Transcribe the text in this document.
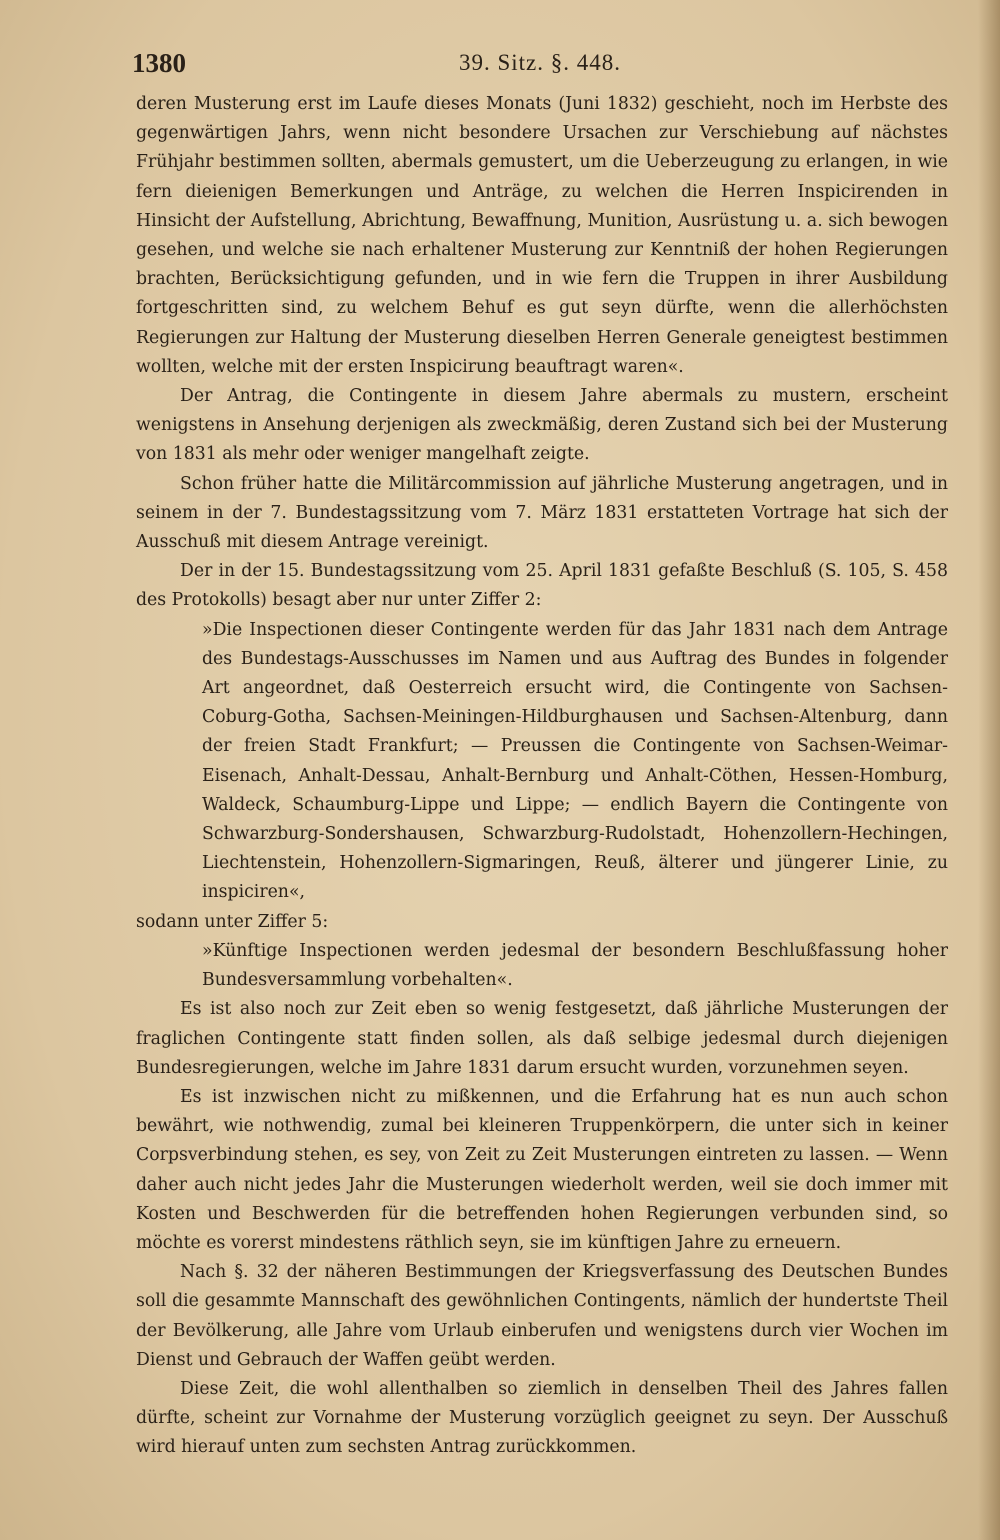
1380	39. Sitz. §. 448.

deren Musterung erst im Laufe dieses Monats (Juni 1832) geschieht, noch im Herbste des gegenwärtigen Jahrs, wenn nicht besondere Ursachen zur Verschiebung auf nächstes Frühjahr bestimmen sollten, abermals gemustert, um die Ueberzeugung zu erlangen, in wie fern dieienigen Bemerkungen und Anträge, zu welchen die Herren Inspicirenden in Hinsicht der Aufstellung, Abrichtung, Bewaffnung, Munition, Ausrüstung u. a. sich bewogen gesehen, und welche sie nach erhaltener Musterung zur Kenntniß der hohen Regierungen brachten, Berücksichtigung gefunden, und in wie fern die Truppen in ihrer Ausbildung fortgeschritten sind, zu welchem Behuf es gut seyn dürfte, wenn die allerhöchsten Regierungen zur Haltung der Musterung dieselben Herren Generale geneigtest bestimmen wollten, welche mit der ersten Inspicirung beauftragt waren«.

Der Antrag, die Contingente in diesem Jahre abermals zu mustern, erscheint wenigstens in Ansehung derjenigen als zweckmäßig, deren Zustand sich bei der Musterung von 1831 als mehr oder weniger mangelhaft zeigte.

Schon früher hatte die Militärcommission auf jährliche Musterung angetragen, und in seinem in der 7. Bundestagssitzung vom 7. März 1831 erstatteten Vortrage hat sich der Ausschuß mit diesem Antrage vereinigt.

Der in der 15. Bundestagssitzung vom 25. April 1831 gefaßte Beschluß (S. 105, S. 458 des Protokolls) besagt aber nur unter Ziffer 2:

»Die Inspectionen dieser Contingente werden für das Jahr 1831 nach dem Antrage des Bundestags-Ausschusses im Namen und aus Auftrag des Bundes in folgender Art angeordnet, daß Oesterreich ersucht wird, die Contingente von Sachsen-Coburg-Gotha, Sachsen-Meiningen-Hildburghausen und Sachsen-Altenburg, dann der freien Stadt Frankfurt; — Preussen die Contingente von Sachsen-Weimar-Eisenach, Anhalt-Dessau, Anhalt-Bernburg und Anhalt-Cöthen, Hessen-Homburg, Waldeck, Schaumburg-Lippe und Lippe; — endlich Bayern die Contingente von Schwarzburg-Sondershausen, Schwarzburg-Rudolstadt, Hohenzollern-Hechingen, Liechtenstein, Hohenzollern-Sigmaringen, Reuß, älterer und jüngerer Linie, zu inspiciren«,

sodann unter Ziffer 5:

»Künftige Inspectionen werden jedesmal der besondern Beschlußfassung hoher Bundesversammlung vorbehalten«.

Es ist also noch zur Zeit eben so wenig festgesetzt, daß jährliche Musterungen der fraglichen Contingente statt finden sollen, als daß selbige jedesmal durch diejenigen Bundesregierungen, welche im Jahre 1831 darum ersucht wurden, vorzunehmen seyen.

Es ist inzwischen nicht zu mißkennen, und die Erfahrung hat es nun auch schon bewährt, wie nothwendig, zumal bei kleineren Truppenkörpern, die unter sich in keiner Corpsverbindung stehen, es sey, von Zeit zu Zeit Musterungen eintreten zu lassen. — Wenn daher auch nicht jedes Jahr die Musterungen wiederholt werden, weil sie doch immer mit Kosten und Beschwerden für die betreffenden hohen Regierungen verbunden sind, so möchte es vorerst mindestens räthlich seyn, sie im künftigen Jahre zu erneuern.

Nach §. 32 der näheren Bestimmungen der Kriegsverfassung des Deutschen Bundes soll die gesammte Mannschaft des gewöhnlichen Contingents, nämlich der hundertste Theil der Bevölkerung, alle Jahre vom Urlaub einberufen und wenigstens durch vier Wochen im Dienst und Gebrauch der Waffen geübt werden.

Diese Zeit, die wohl allenthalben so ziemlich in denselben Theil des Jahres fallen dürfte, scheint zur Vornahme der Musterung vorzüglich geeignet zu seyn. Der Ausschuß wird hierauf unten zum sechsten Antrag zurückkommen.
